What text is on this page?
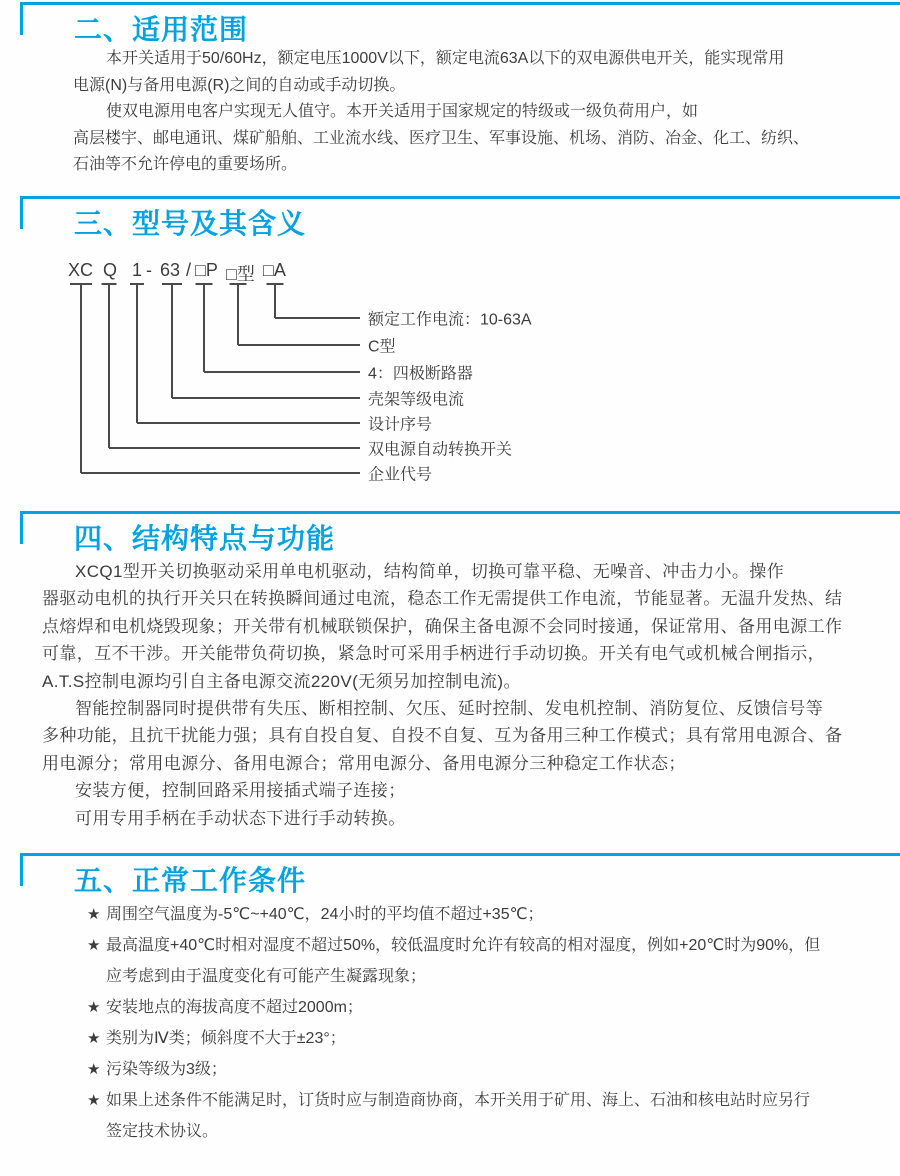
二、适用范围
本开关适用于50/60Hz，额定电压1000V以下，额定电流63A以下的双电源供电开关，能实现常用
电源(N)与备用电源(R)之间的自动或手动切换。
使双电源用电客户实现无人值守。本开关适用于国家规定的特级或一级负荷用户，如
高层楼宇、邮电通讯、煤矿船舶、工业流水线、医疗卫生、军事设施、机场、消防、冶金、化工、纺织、
石油等不允许停电的重要场所。
三、型号及其含义
XC Q 1 - 63 / □P □型 □A
额定工作电流：10-63A
C型
4：四极断路器
壳架等级电流
设计序号
双电源自动转换开关
企业代号
四、结构特点与功能
XCQ1型开关切换驱动采用单电机驱动，结构简单，切换可靠平稳、无噪音、冲击力小。操作
器驱动电机的执行开关只在转换瞬间通过电流，稳态工作无需提供工作电流，节能显著。无温升发热、结
点熔焊和电机烧毁现象；开关带有机械联锁保护，确保主备电源不会同时接通，保证常用、备用电源工作
可靠，互不干涉。开关能带负荷切换，紧急时可采用手柄进行手动切换。开关有电气或机械合闸指示，
A.T.S控制电源均引自主备电源交流220V(无须另加控制电流)。
智能控制器同时提供带有失压、断相控制、欠压、延时控制、发电机控制、消防复位、反馈信号等
多种功能，且抗干扰能力强；具有自投自复、自投不自复、互为备用三种工作模式；具有常用电源合、备
用电源分；常用电源分、备用电源合；常用电源分、备用电源分三种稳定工作状态；
安装方便，控制回路采用接插式端子连接；
可用专用手柄在手动状态下进行手动转换。
五、正常工作条件
★ 周围空气温度为-5℃~+40℃，24小时的平均值不超过+35℃；
★ 最高温度+40℃时相对湿度不超过50%，较低温度时允许有较高的相对湿度，例如+20℃时为90%，但
应考虑到由于温度变化有可能产生凝露现象；
★ 安装地点的海拔高度不超过2000m；
★ 类别为Ⅳ类；倾斜度不大于±23°；
★ 污染等级为3级；
★ 如果上述条件不能满足时，订货时应与制造商协商，本开关用于矿用、海上、石油和核电站时应另行
签定技术协议。
